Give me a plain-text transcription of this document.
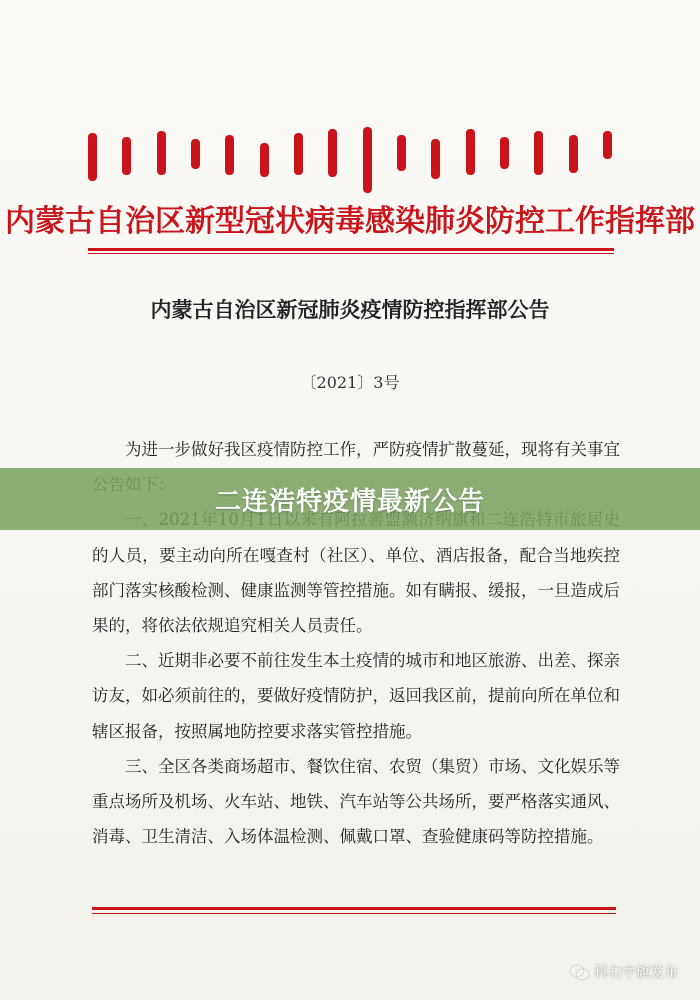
内蒙古自治区新型冠状病毒感染肺炎防控工作指挥部
内蒙古自治区新冠肺炎疫情防控指挥部公告
〔2021〕3号

为进一步做好我区疫情防控工作，严防疫情扩散蔓延，现将有关事宜

的人员，要主动向所在嘎查村（社区）、单位、酒店报备，配合当地疾控部门落实核酸检测、健康监测等管控措施。如有瞒报、缓报，一旦造成后果的，将依法依规追究相关人员责任。

二、近期非必要不前往发生本土疫情的城市和地区旅游、出差、探亲访友，如必须前往的，要做好疫情防护，返回我区前，提前向所在单位和辖区报备，按照属地防控要求落实管控措施。

三、全区各类商场超市、餐饮住宿、农贸（集贸）市场、文化娱乐等重点场所及机场、火车站、地铁、汽车站等公共场所，要严格落实通风、消毒、卫生清洁、入场体温检测、佩戴口罩、查验健康码等防控措施。

二连浩特疫情最新公告
科右中旗发布
